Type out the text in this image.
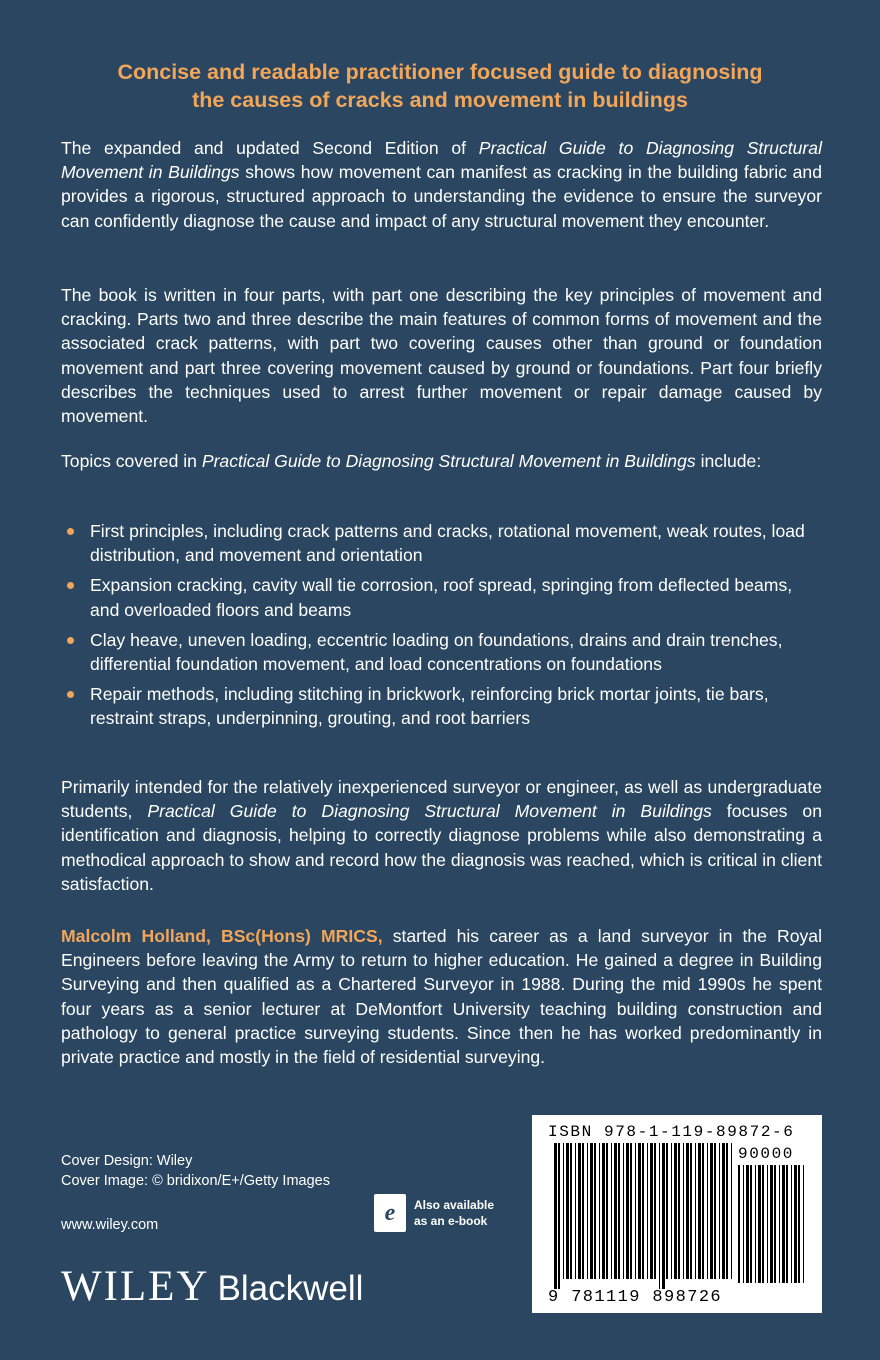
Concise and readable practitioner focused guide to diagnosing
the causes of cracks and movement in buildings
The expanded and updated Second Edition of Practical Guide to Diagnosing Structural Movement in Buildings shows how movement can manifest as cracking in the building fabric and provides a rigorous, structured approach to understanding the evidence to ensure the surveyor can confidently diagnose the cause and impact of any structural movement they encounter.
The book is written in four parts, with part one describing the key principles of movement and cracking. Parts two and three describe the main features of common forms of movement and the associated crack patterns, with part two covering causes other than ground or foundation movement and part three covering movement caused by ground or foundations. Part four briefly describes the techniques used to arrest further movement or repair damage caused by movement.
Topics covered in Practical Guide to Diagnosing Structural Movement in Buildings include:
First principles, including crack patterns and cracks, rotational movement, weak routes, load distribution, and movement and orientation
Expansion cracking, cavity wall tie corrosion, roof spread, springing from deflected beams, and overloaded floors and beams
Clay heave, uneven loading, eccentric loading on foundations, drains and drain trenches, differential foundation movement, and load concentrations on foundations
Repair methods, including stitching in brickwork, reinforcing brick mortar joints, tie bars, restraint straps, underpinning, grouting, and root barriers
Primarily intended for the relatively inexperienced surveyor or engineer, as well as undergraduate students, Practical Guide to Diagnosing Structural Movement in Buildings focuses on identification and diagnosis, helping to correctly diagnose problems while also demonstrating a methodical approach to show and record how the diagnosis was reached, which is critical in client satisfaction.
Malcolm Holland, BSc(Hons) MRICS, started his career as a land surveyor in the Royal Engineers before leaving the Army to return to higher education. He gained a degree in Building Surveying and then qualified as a Chartered Surveyor in 1988. During the mid 1990s he spent four years as a senior lecturer at DeMontfort University teaching building construction and pathology to general practice surveying students. Since then he has worked predominantly in private practice and mostly in the field of residential surveying.
Cover Design: Wiley
Cover Image: © bridixon/E+/Getty Images
e	Also available
as an e-book
www.wiley.com
WILEY Blackwell
ISBN 978-1-119-89872-6
90000
9 781119 898726
